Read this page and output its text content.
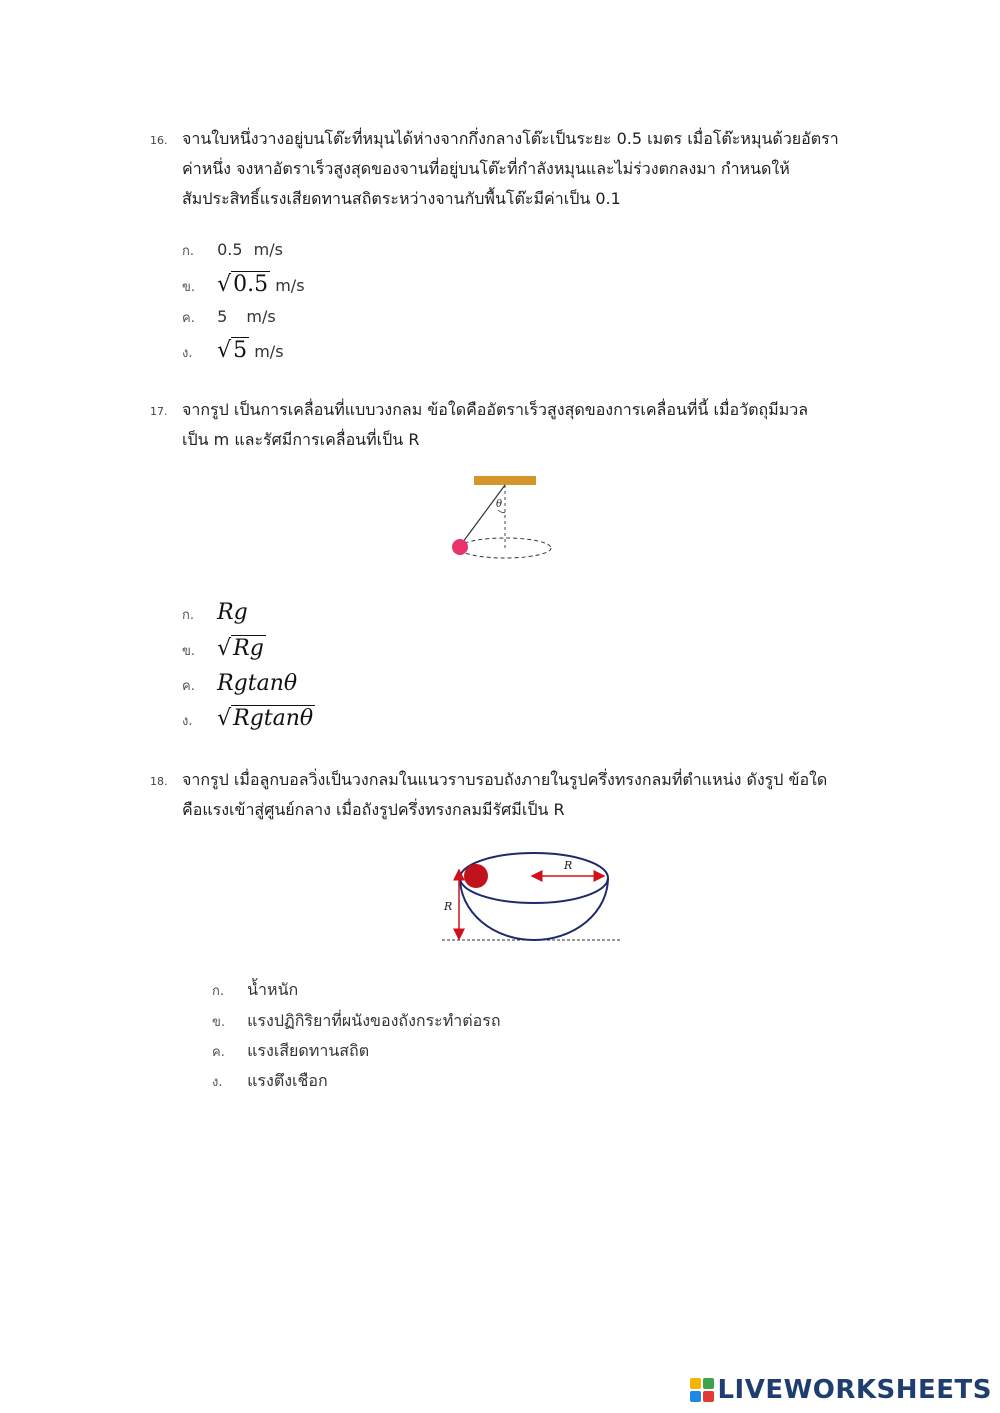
16. จานใบหนึ่งวางอยู่บนโต๊ะที่หมุนได้ห่างจากกึ่งกลางโต๊ะเป็นระยะ 0.5 เมตร เมื่อโต๊ะหมุนด้วยอัตรา
ค่าหนึ่ง จงหาอัตราเร็วสูงสุดของจานที่อยู่บนโต๊ะที่กำลังหมุนและไม่ร่วงตกลงมา กำหนดให้
สัมประสิทธิ์แรงเสียดทานสถิตระหว่างจานกับพื้นโต๊ะมีค่าเป็น 0.1
ก. 0.5 m/s
ข. √0.5 m/s
ค. 5 m/s
ง. √5 m/s
17. จากรูป เป็นการเคลื่อนที่แบบวงกลม ข้อใดคืออัตราเร็วสูงสุดของการเคลื่อนที่นี้ เมื่อวัตถุมีมวล
เป็น m และรัศมีการเคลื่อนที่เป็น R
θ
ก. Rg
ข. √Rg
ค. Rgtanθ
ง. √Rgtanθ
18. จากรูป เมื่อลูกบอลวิ่งเป็นวงกลมในแนวราบรอบถังภายในรูปครึ่งทรงกลมที่ตำแหน่ง ดังรูป ข้อใด
คือแรงเข้าสู่ศูนย์กลาง เมื่อถังรูปครึ่งทรงกลมมีรัศมีเป็น R
R
R
ก. น้ำหนัก
ข. แรงปฏิกิริยาที่ผนังของถังกระทำต่อรถ
ค. แรงเสียดทานสถิต
ง. แรงตึงเชือก
LIVEWORKSHEETS
